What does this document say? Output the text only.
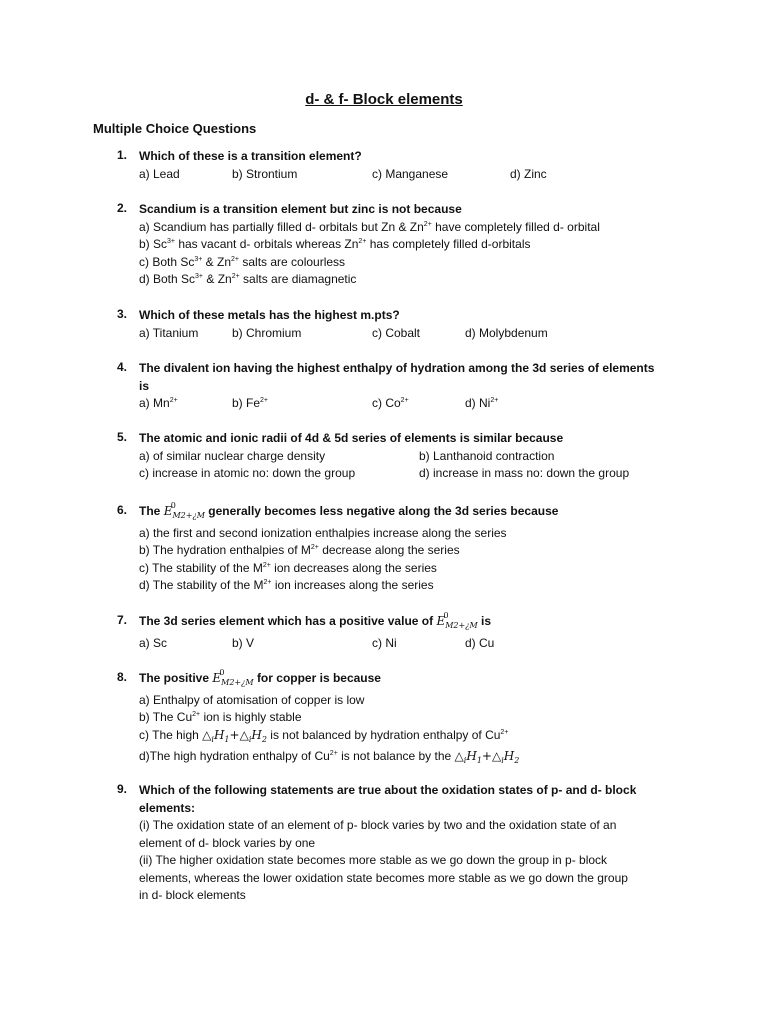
d- & f- Block elements
Multiple Choice Questions
1. Which of these is a transition element?
a) Lead	b) Strontium	c) Manganese	d) Zinc
2. Scandium is a transition element but zinc is not because
a) Scandium has partially filled d- orbitals but Zn & $Zn^{2+}$ have completely filled d- orbital
b) $Sc^{3+}$ has vacant d- orbitals whereas $Zn^{2+}$ has completely filled d-orbitals
c) Both $Sc^{3+}$ & $Zn^{2+}$ salts are colourless
d) Both $Sc^{3+}$ & $Zn^{2+}$ salts are diamagnetic
3. Which of these metals has the highest m.pts?
a) Titanium	b) Chromium	c) Cobalt	d) Molybdenum
4. The divalent ion having the highest enthalpy of hydration among the 3d series of elements
is
a) $Mn^{2+}$	b) $Fe^{2+}$	c) $Co^{2+}$	d) $Ni^{2+}$
5. The atomic and ionic radii of 4d & 5d series of elements is similar because
a) of similar nuclear charge density	b) Lanthanoid contraction
c) increase in atomic no: down the group	d) increase in mass no: down the group
6. The E
0
$_{M2+¿M}$ generally becomes less negative along the 3d series because
a) the first and second ionization enthalpies increase along the series
b) The hydration enthalpies of $M^{2+}$ decrease along the series
c) The stability of the $M^{2+}$ ion decreases along the series
d) The stability of the $M^{2+}$ ion increases along the series
7. The 3d series element which has a positive value of E
0
$_{M2+¿M}$ is
a) Sc	b) V	c) Ni	d) Cu
8. The positive E
0
$_{M2+¿M}$ for copper is because
a) Enthalpy of atomisation of copper is low
b) The $Cu^{2+}$ ion is highly stable
c) The high $\triangle_iH_1+\triangle_iH_2$ is not balanced by hydration enthalpy of $Cu^{2+}$
d)The high hydration enthalpy of $Cu^{2+}$ is not balance by the $\triangle_iH_1+\triangle_iH_2$
9. Which of the following statements are true about the oxidation states of p- and d- block
elements:
(i) The oxidation state of an element of p- block varies by two and the oxidation state of an
element of d- block varies by one
(ii) The higher oxidation state becomes more stable as we go down the group in p- block
elements, whereas the lower oxidation state becomes more stable as we go down the group
in d- block elements
